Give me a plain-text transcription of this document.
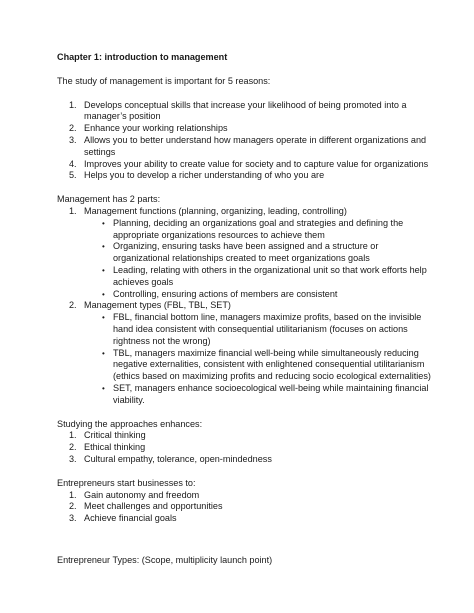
Chapter 1: introduction to management

The study of management is important for 5 reasons:

1. Develops conceptual skills that increase your likelihood of being promoted into a manager’s position
2. Enhance your working relationships
3. Allows you to better understand how managers operate in different organizations and settings
4. Improves your ability to create value for society and to capture value for organizations
5. Helps you to develop a richer understanding of who you are

Management has 2 parts:

1. Management functions (planning, organizing, leading, controlling)
• Planning, deciding an organizations goal and strategies and defining the appropriate organizations resources to achieve them
• Organizing, ensuring tasks have been assigned and a structure or organizational relationships created to meet organizations goals
• Leading, relating with others in the organizational unit so that work efforts help achieves goals
• Controlling, ensuring actions of members are consistent
2. Management types (FBL, TBL, SET)
• FBL, financial bottom line, managers maximize profits, based on the invisible hand idea consistent with consequential utilitarianism (focuses on actions rightness not the wrong)
• TBL, managers maximize financial well-being while simultaneously reducing negative externalities, consistent with enlightened consequential utilitarianism (ethics based on maximizing profits and reducing socio ecological externalities)
• SET, managers enhance socioecological well-being while maintaining financial viability.

Studying the approaches enhances:

1. Critical thinking
2. Ethical thinking
3. Cultural empathy, tolerance, open-mindedness

Entrepreneurs start businesses to:

1. Gain autonomy and freedom
2. Meet challenges and opportunities
3. Achieve financial goals

Entrepreneur Types: (Scope, multiplicity launch point)
